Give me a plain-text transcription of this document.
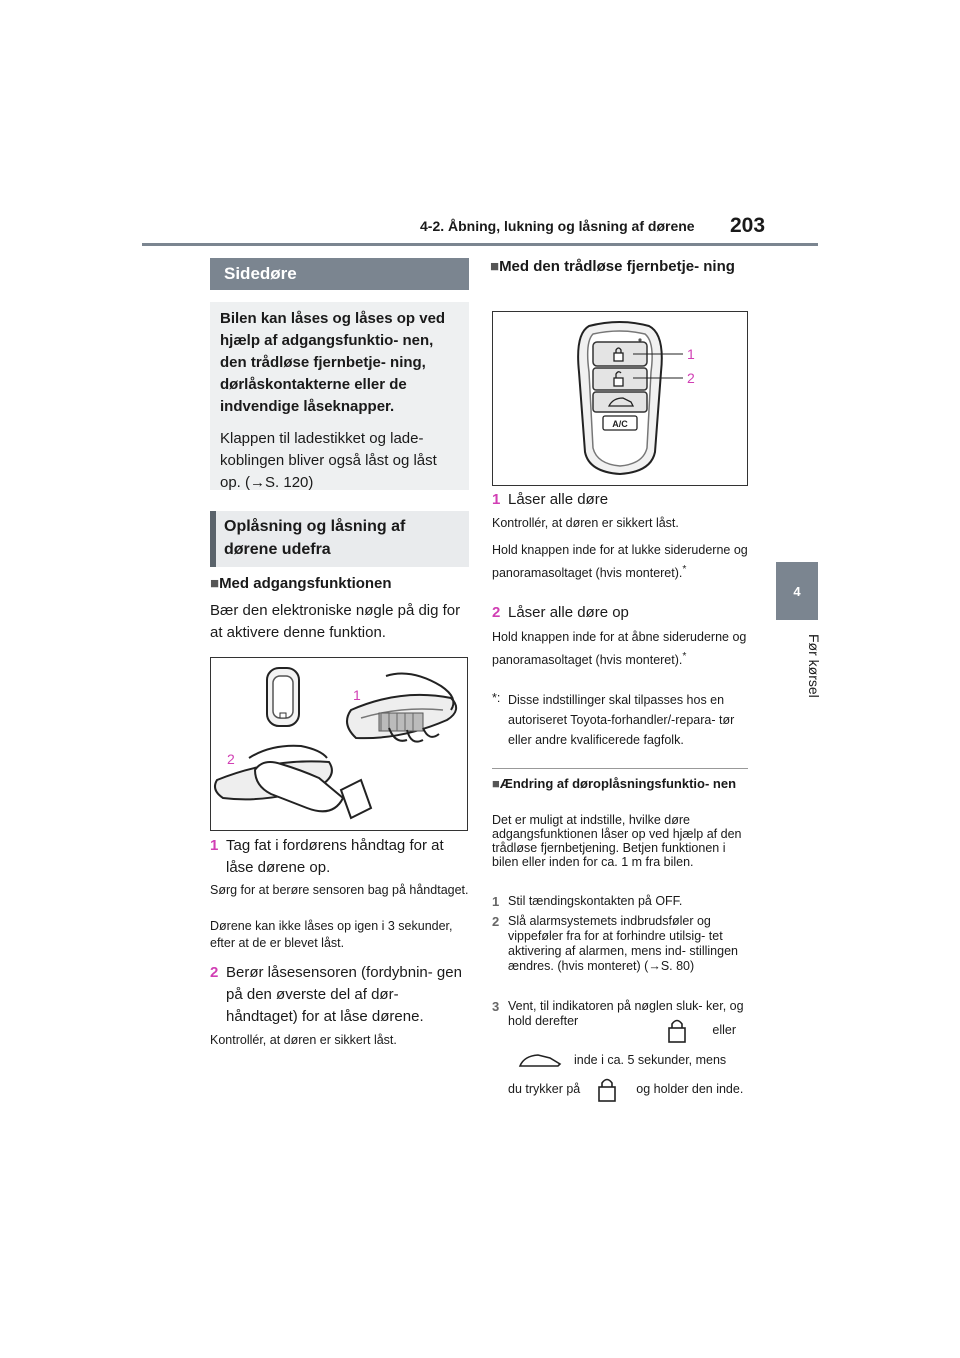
4-2. Åbning, lukning og låsning af dørene 203
4
Før kørsel
Sidedøre

Bilen kan låses og låses op ved hjælp af adgangsfunktio- nen, den trådløse fjernbetje- ning, dørlåskontakterne eller de indvendige låseknapper.

Klappen til ladestikket og lade- koblingen bliver også låst og låst op. (→S. 120)

Oplåsning og låsning af dørene udefra
■Med adgangsfunktionen
Bær den elektroniske nøgle på dig for at aktivere denne funktion.
1
2
1 Tag fat i fordørens håndtag for at låse dørene op.
Sørg for at berøre sensoren bag på håndtaget.
Dørene kan ikke låses op igen i 3 sekunder, efter at de er blevet låst.
2 Berør låsesensoren (fordybnin- gen på den øverste del af dør- håndtaget) for at låse dørene.
Kontrollér, at døren er sikkert låst.
■Med den trådløse fjernbetje- ning
A/C
1
2
1 Låser alle døre
Kontrollér, at døren er sikkert låst.
Hold knappen inde for at lukke sideruderne og panoramasoltaget (hvis monteret).*
2 Låser alle døre op
Hold knappen inde for at åbne sideruderne og panoramasoltaget (hvis monteret).*
*: Disse indstillinger skal tilpasses hos en autoriseret Toyota-forhandler/-repara- tør eller andre kvalificerede fagfolk.
■Ændring af døroplåsningsfunktio- nen
Det er muligt at indstille, hvilke døre adgangsfunktionen låser op ved hjælp af den trådløse fjernbetjening. Betjen funktionen i bilen eller inden for ca. 1 m fra bilen.
1 Stil tændingskontakten på OFF.
2 Slå alarmsystemets indbrudsføler og vippeføler fra for at forhindre utilsig- tet aktivering af alarmen, mens ind- stillingen ændres. (hvis monteret) (→S. 80)
3 Vent, til indikatoren på nøglen sluk- ker, og hold derefter
eller
inde i ca. 5 sekunder, mens
du trykker på	og holder den inde.
